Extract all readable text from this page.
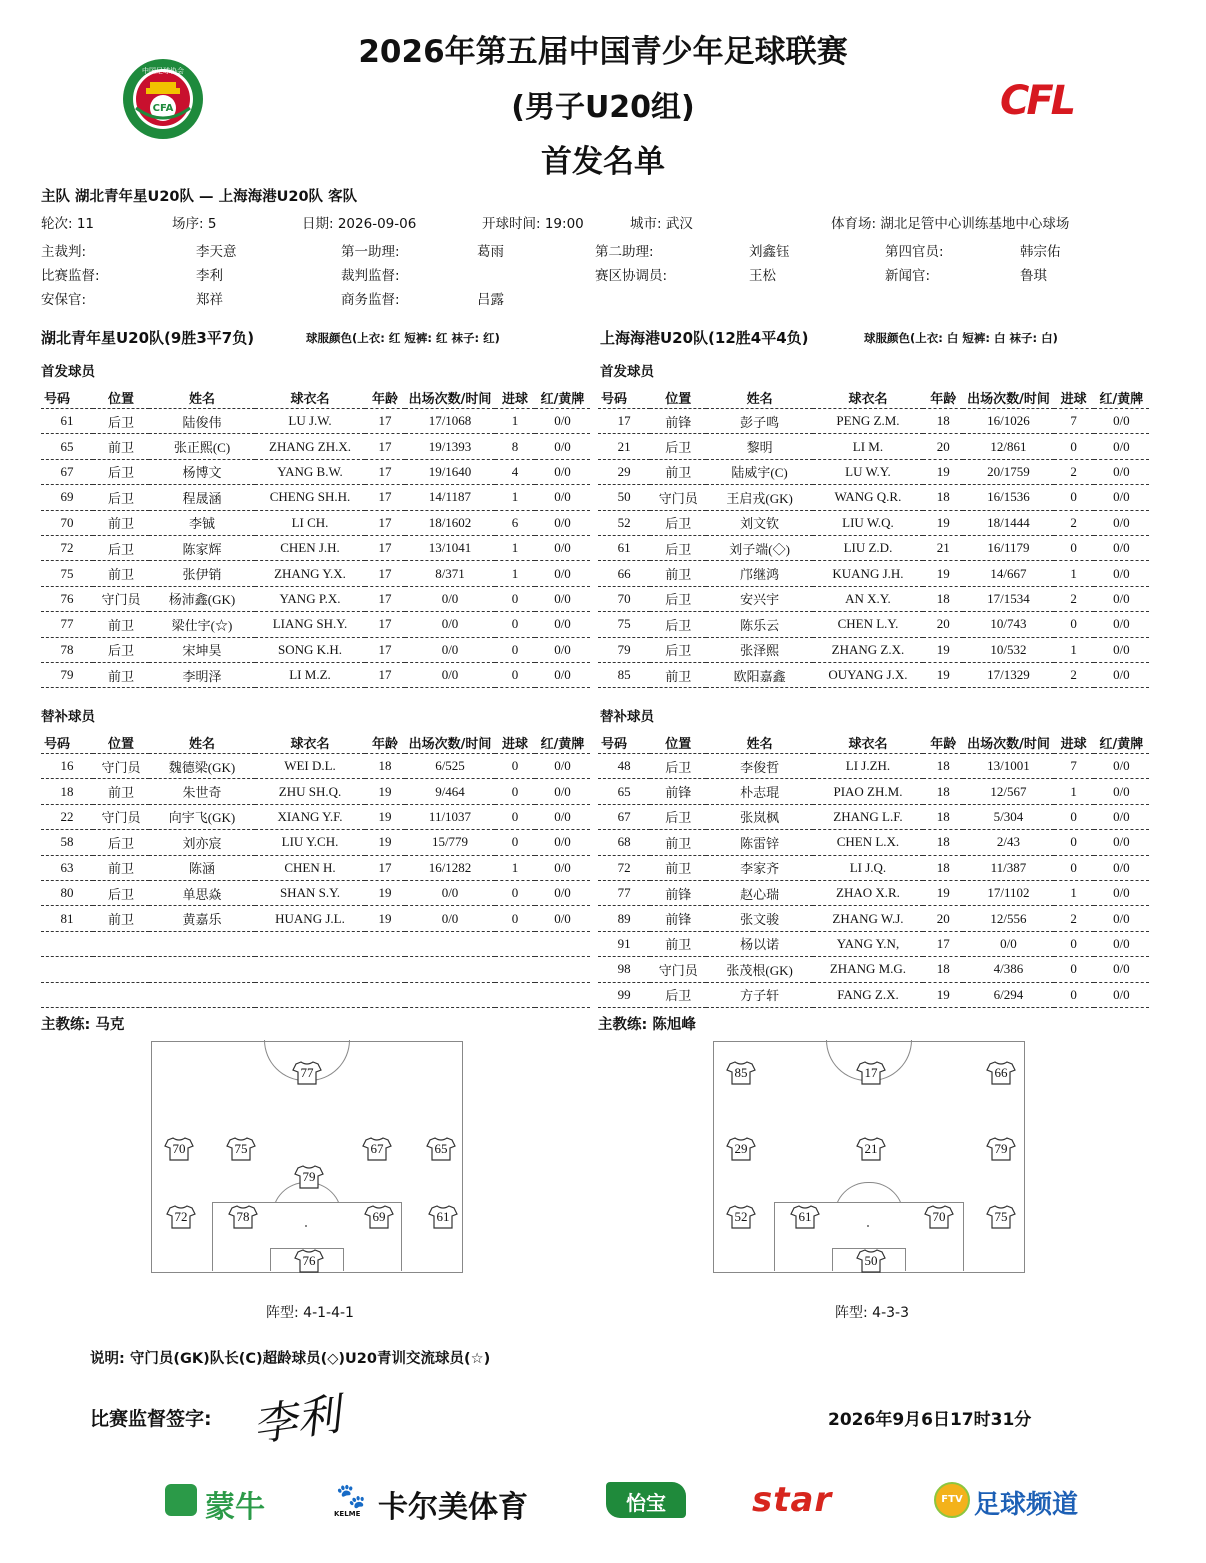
2026年第五届中国青少年足球联赛
(男子U20组)
首发名单
中国足球协会
CFA	CFL
主队 湖北青年星U20队 — 上海海港U20队 客队
轮次: 11	场序: 5	日期: 2026-09-06	开球时间: 19:00	城市: 武汉	体育场: 湖北足管中心训练基地中心球场
主裁判:	李天意	第一助理:	葛雨	第二助理:	刘鑫钰	第四官员:	韩宗佑
比赛监督:	李利	裁判监督:	赛区协调员:	王松	新闻官:	鲁琪
安保官:	郑祥	商务监督:	吕露
湖北青年星U20队(9胜3平7负)	球服颜色(上衣: 红 短裤: 红 袜子: 红)	上海海港U20队(12胜4平4负)	球服颜色(上衣: 白 短裤: 白 袜子: 白)
首发球员	首发球员
号码	位置	姓名	球衣名	年龄	出场次数/时间	进球	红/黄牌
61	后卫	陆俊伟	LU J.W.	17	17/1068	1	0/0
65	前卫	张正熙(C)	ZHANG ZH.X.	17	19/1393	8	0/0
67	后卫	杨博文	YANG B.W.	17	19/1640	4	0/0
69	后卫	程晟涵	CHENG SH.H.	17	14/1187	1	0/0
70	前卫	李铖	LI CH.	17	18/1602	6	0/0
72	后卫	陈家辉	CHEN J.H.	17	13/1041	1	0/0
75	前卫	张伊销	ZHANG Y.X.	17	8/371	1	0/0
76	守门员	杨沛鑫(GK)	YANG P.X.	17	0/0	0	0/0
77	前卫	梁仕宇(☆)	LIANG SH.Y.	17	0/0	0	0/0
78	后卫	宋坤昊	SONG K.H.	17	0/0	0	0/0
79	前卫	李明泽	LI M.Z.	17	0/0	0	0/0
号码	位置	姓名	球衣名	年龄	出场次数/时间	进球	红/黄牌
17	前锋	彭子鸣	PENG Z.M.	18	16/1026	7	0/0
21	后卫	黎明	LI M.	20	12/861	0	0/0
29	前卫	陆威宇(C)	LU W.Y.	19	20/1759	2	0/0
50	守门员	王启戎(GK)	WANG Q.R.	18	16/1536	0	0/0
52	后卫	刘文钦	LIU W.Q.	19	18/1444	2	0/0
61	后卫	刘子端(◇)	LIU Z.D.	21	16/1179	0	0/0
66	前卫	邝继鸿	KUANG J.H.	19	14/667	1	0/0
70	后卫	安兴宇	AN X.Y.	18	17/1534	2	0/0
75	后卫	陈乐云	CHEN L.Y.	20	10/743	0	0/0
79	后卫	张泽熙	ZHANG Z.X.	19	10/532	1	0/0
85	前卫	欧阳嘉鑫	OUYANG J.X.	19	17/1329	2	0/0
替补球员	替补球员
号码	位置	姓名	球衣名	年龄	出场次数/时间	进球	红/黄牌
16	守门员	魏德梁(GK)	WEI D.L.	18	6/525	0	0/0
18	前卫	朱世奇	ZHU SH.Q.	19	9/464	0	0/0
22	守门员	向宇飞(GK)	XIANG Y.F.	19	11/1037	0	0/0
58	后卫	刘亦宸	LIU Y.CH.	19	15/779	0	0/0
63	前卫	陈涵	CHEN H.	17	16/1282	1	0/0
80	后卫	单思焱	SHAN S.Y.	19	0/0	0	0/0
81	前卫	黄嘉乐	HUANG J.L.	19	0/0	0	0/0

号码	位置	姓名	球衣名	年龄	出场次数/时间	进球	红/黄牌
48	后卫	李俊哲	LI J.ZH.	18	13/1001	7	0/0
65	前锋	朴志琨	PIAO ZH.M.	18	12/567	1	0/0
67	后卫	张岚枫	ZHANG L.F.	18	5/304	0	0/0
68	前卫	陈雷锌	CHEN L.X.	18	2/43	0	0/0
72	前卫	李家齐	LI J.Q.	18	11/387	0	0/0
77	前锋	赵心瑞	ZHAO X.R.	19	17/1102	1	0/0
89	前锋	张文骏	ZHANG W.J.	20	12/556	2	0/0
91	前卫	杨以诺	YANG Y.N,	17	0/0	0	0/0
98	守门员	张茂根(GK)	ZHANG M.G.	18	4/386	0	0/0
99	后卫	方子轩	FANG Z.X.	19	6/294	0	0/0
主教练: 马克	主教练: 陈旭峰
77
70	75	67	65
79
72	78	69	61
76
85	17	66
29	21	79
52	61	70	75
50
阵型: 4-1-4-1	阵型: 4-3-3
说明: 守门员(GK)队长(C)超龄球员(◇)U20青训交流球员(☆)
比赛监督签字: 李利	2026年9月6日17时31分
蒙牛	🐾
KELME 卡尔美体育	怡宝	star	FTV 足球频道
